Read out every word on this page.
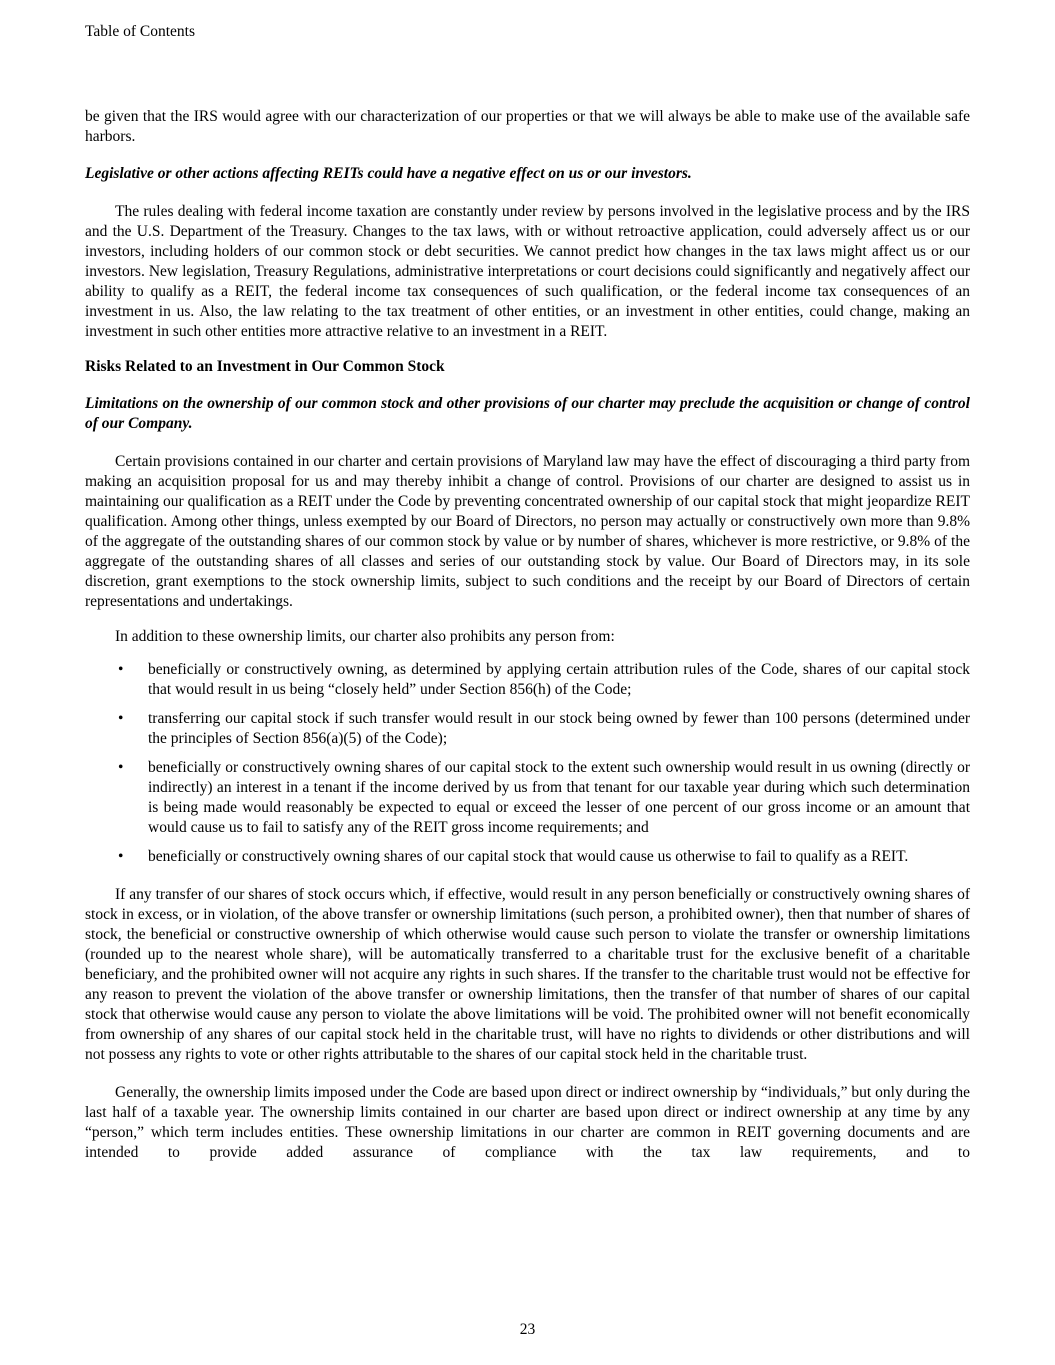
Table of Contents

be given that the IRS would agree with our characterization of our properties or that we will always be able to make use of the available safe harbors.

Legislative or other actions affecting REITs could have a negative effect on us or our investors.

The rules dealing with federal income taxation are constantly under review by persons involved in the legislative process and by the IRS and the U.S. Department of the Treasury. Changes to the tax laws, with or without retroactive application, could adversely affect us or our investors, including holders of our common stock or debt securities. We cannot predict how changes in the tax laws might affect us or our investors. New legislation, Treasury Regulations, administrative interpretations or court decisions could significantly and negatively affect our ability to qualify as a REIT, the federal income tax consequences of such qualification, or the federal income tax consequences of an investment in us. Also, the law relating to the tax treatment of other entities, or an investment in other entities, could change, making an investment in such other entities more attractive relative to an investment in a REIT.

Risks Related to an Investment in Our Common Stock
Limitations on the ownership of our common stock and other provisions of our charter may preclude the acquisition or change of control of our Company.

Certain provisions contained in our charter and certain provisions of Maryland law may have the effect of discouraging a third party from making an acquisition proposal for us and may thereby inhibit a change of control. Provisions of our charter are designed to assist us in maintaining our qualification as a REIT under the Code by preventing concentrated ownership of our capital stock that might jeopardize REIT qualification. Among other things, unless exempted by our Board of Directors, no person may actually or constructively own more than 9.8% of the aggregate of the outstanding shares of our common stock by value or by number of shares, whichever is more restrictive, or 9.8% of the aggregate of the outstanding shares of all classes and series of our outstanding stock by value. Our Board of Directors may, in its sole discretion, grant exemptions to the stock ownership limits, subject to such conditions and the receipt by our Board of Directors of certain representations and undertakings.

In addition to these ownership limits, our charter also prohibits any person from:

• beneficially or constructively owning, as determined by applying certain attribution rules of the Code, shares of our capital stock that would result in us being “closely held” under Section 856(h) of the Code;
• transferring our capital stock if such transfer would result in our stock being owned by fewer than 100 persons (determined under the principles of Section 856(a)(5) of the Code);
• beneficially or constructively owning shares of our capital stock to the extent such ownership would result in us owning (directly or indirectly) an interest in a tenant if the income derived by us from that tenant for our taxable year during which such determination is being made would reasonably be expected to equal or exceed the lesser of one percent of our gross income or an amount that would cause us to fail to satisfy any of the REIT gross income requirements; and
• beneficially or constructively owning shares of our capital stock that would cause us otherwise to fail to qualify as a REIT.

If any transfer of our shares of stock occurs which, if effective, would result in any person beneficially or constructively owning shares of stock in excess, or in violation, of the above transfer or ownership limitations (such person, a prohibited owner), then that number of shares of stock, the beneficial or constructive ownership of which otherwise would cause such person to violate the transfer or ownership limitations (rounded up to the nearest whole share), will be automatically transferred to a charitable trust for the exclusive benefit of a charitable beneficiary, and the prohibited owner will not acquire any rights in such shares. If the transfer to the charitable trust would not be effective for any reason to prevent the violation of the above transfer or ownership limitations, then the transfer of that number of shares of our capital stock that otherwise would cause any person to violate the above limitations will be void. The prohibited owner will not benefit economically from ownership of any shares of our capital stock held in the charitable trust, will have no rights to dividends or other distributions and will not possess any rights to vote or other rights attributable to the shares of our capital stock held in the charitable trust.

Generally, the ownership limits imposed under the Code are based upon direct or indirect ownership by “individuals,” but only during the last half of a taxable year. The ownership limits contained in our charter are based upon direct or indirect ownership at any time by any “person,” which term includes entities. These ownership limitations in our charter are common in REIT governing documents and are intended to provide added assurance of compliance with the tax law requirements, and to

23
